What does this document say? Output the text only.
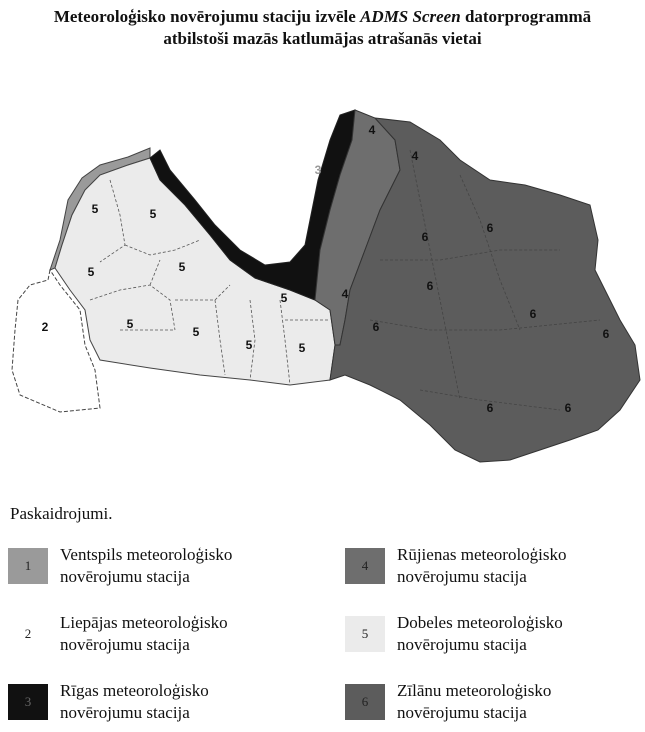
Meteoroloģisko novērojumu staciju izvēle ADMS Screen datorprogrammā
atbilstoši mazās katlumājas atrašanās vietai
2
5	5
5	5
5
5
5
5
5
3
4
4
4
6
6
6
6
6
6
6	6
Paskaidrojumi.
1
Ventspils meteoroloģisko
novērojumu stacija
4
Rūjienas meteoroloģisko
novērojumu stacija
2
Liepājas meteoroloģisko
novērojumu stacija
5
Dobeles meteoroloģisko
novērojumu stacija
3
Rīgas meteoroloģisko
novērojumu stacija
6
Zīlānu meteoroloģisko
novērojumu stacija
